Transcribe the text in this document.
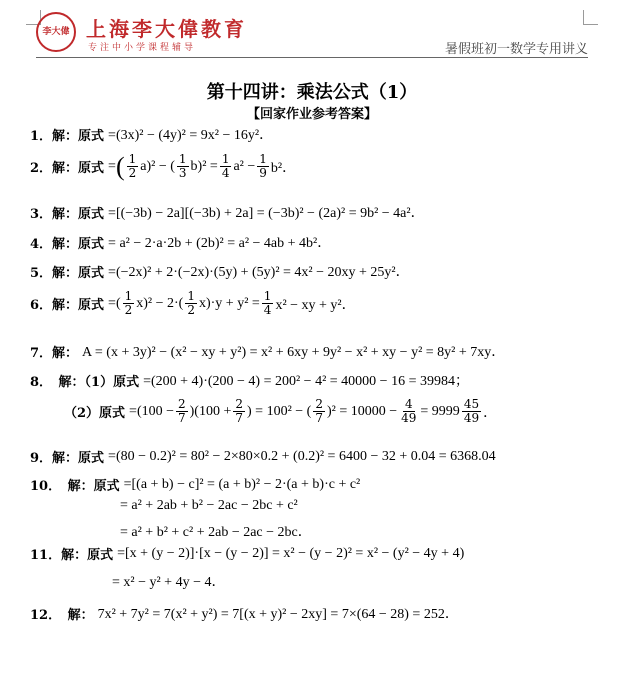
李大偉 上海李大偉教育
专注中小学课程辅导	暑假班初一数学专用讲义
第十四讲：乘法公式（1）
【回家作业参考答案】
1．解：原式 =(3x)² − (4y)² = 9x² − 16y²．
2．解：原式 = ( $\frac{1}{2} a)^2$ − ( $\frac{1}{3} b)^2 = \frac{1}{4} a^2 - \frac{1}{9} b^2$．
3．解：原式 =[(−3b) − 2a][(−3b) + 2a] = (−3b)² − (2a)² = 9b² − 4a²．
4．解：原式 = a² − 2·a·2b + (2b)² = a² − 4ab + 4b²．
5．解：原式 =(−2x)² + 2·(−2x)·(5y) + (5y)² = 4x² − 20xy + 25y²．
6．解：原式 =( $\frac{1}{2} x)^2 - 2\cdot( \frac{1}{2} x)\cdot y + y^2 = \frac{1}{4} x^2$ − xy + y²．
7．解： A = (x + 3y)² − (x² − xy + y²) = x² + 6xy + 9y² − x² + xy − y² = 8y² + 7xy．
8．　解：（1）原式 =(200 + 4)·(200 − 4) = 200² − 4² = 40000 − 16 = 39984；
（2）原式 $=(100 - \frac{2}{7} )(100 + \frac{2}{7}$ ) = 100² − ( $\frac{2}{7} )^2 = 10000 - \frac{4}{49} = 9999 \frac{45}{49}$ ．
9．解：原式 =(80 − 0.2)² = 80² − 2×80×0.2 + (0.2)² = 6400 − 32 + 0.04 = 6368.04
10．　解：原式 =[(a + b) − c]² = (a + b)² − 2·(a + b)·c + c²
= a² + 2ab + b² − 2ac − 2bc + c²
= a² + b² + c² + 2ab − 2ac − 2bc．
11．解：原式 =[x + (y − 2)]·[x − (y − 2)] = x² − (y − 2)² = x² − (y² − 4y + 4)
= x² − y² + 4y − 4．
12．　解： 7x² + 7y² = 7(x² + y²) = 7[(x + y)² − 2xy] = 7×(64 − 28) = 252．
